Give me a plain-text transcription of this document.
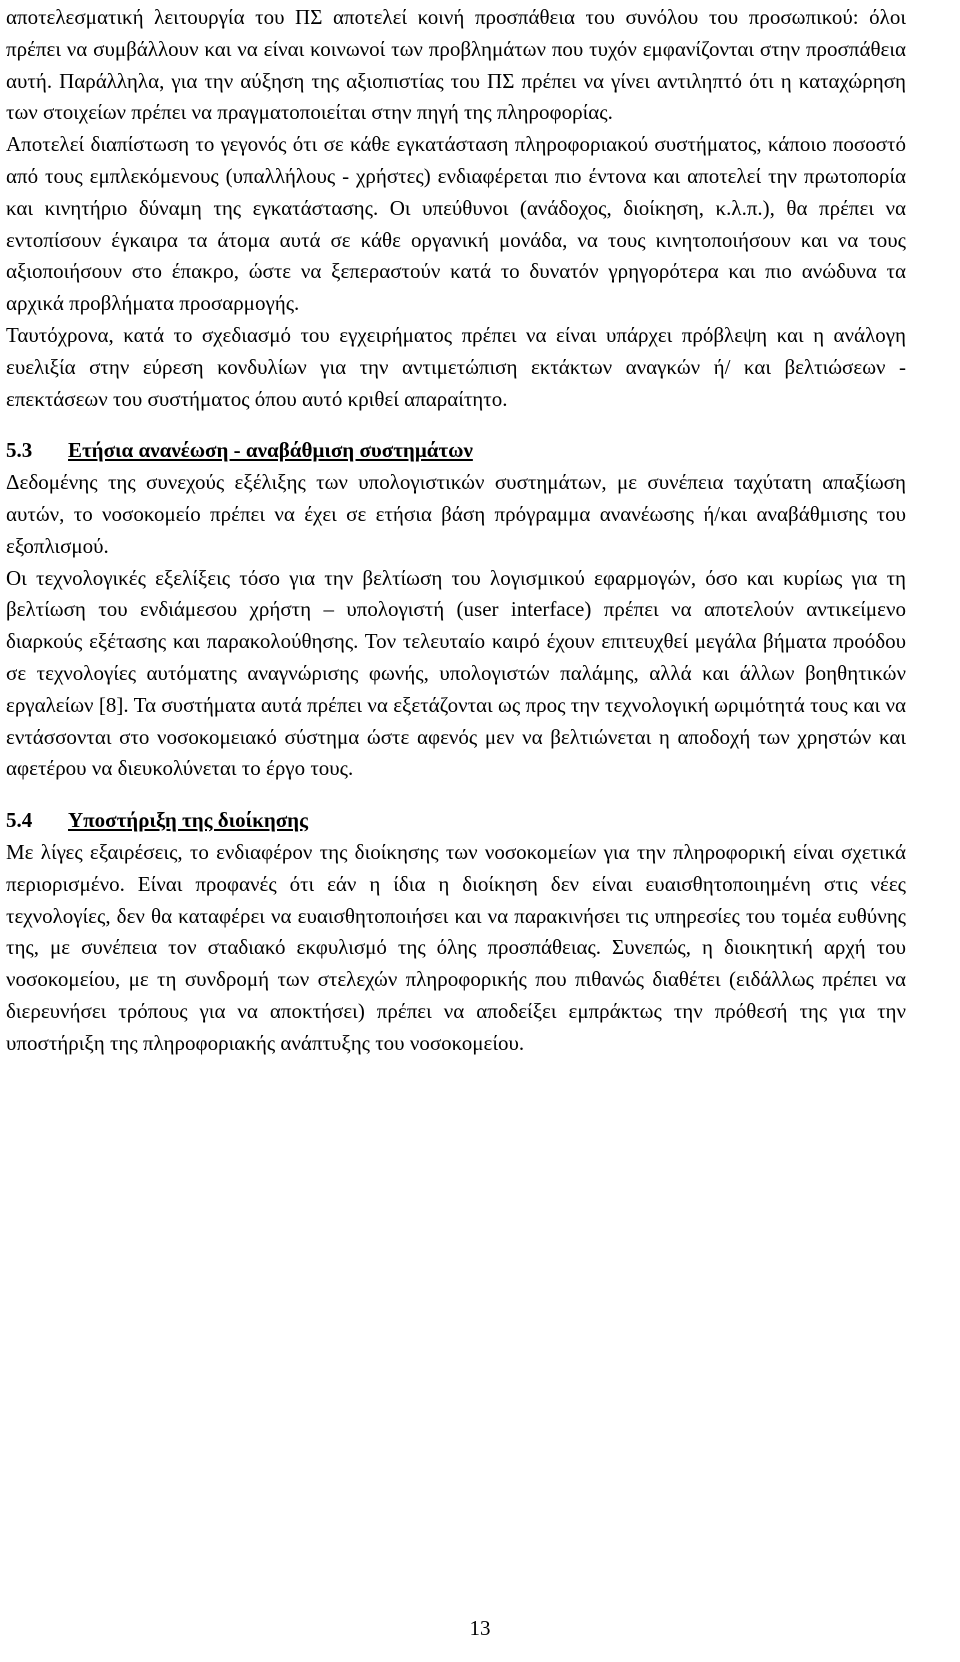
αποτελεσματική λειτουργία του ΠΣ αποτελεί κοινή προσπάθεια του συνόλου του προσωπικού: όλοι πρέπει να συμβάλλουν και να είναι κοινωνοί των προβλημάτων που τυχόν εμφανίζονται στην προσπάθεια αυτή. Παράλληλα, για την αύξηση της αξιοπιστίας του ΠΣ πρέπει να γίνει αντιληπτό ότι η καταχώρηση των στοιχείων πρέπει να πραγματοποιείται στην πηγή της πληροφορίας.

Αποτελεί διαπίστωση το γεγονός ότι σε κάθε εγκατάσταση πληροφοριακού συστήματος, κάποιο ποσοστό από τους εμπλεκόμενους (υπαλλήλους - χρήστες) ενδιαφέρεται πιο έντονα και αποτελεί την πρωτοπορία και κινητήριο δύναμη της εγκατάστασης. Οι υπεύθυνοι (ανάδοχος, διοίκηση, κ.λ.π.), θα πρέπει να εντοπίσουν έγκαιρα τα άτομα αυτά σε κάθε οργανική μονάδα, να τους κινητοποιήσουν και να τους αξιοποιήσουν στο έπακρο, ώστε να ξεπεραστούν κατά το δυνατόν γρηγορότερα και πιο ανώδυνα τα αρχικά προβλήματα προσαρμογής.

Ταυτόχρονα, κατά το σχεδιασμό του εγχειρήματος πρέπει να είναι υπάρχει πρόβλεψη και η ανάλογη ευελιξία στην εύρεση κονδυλίων για την αντιμετώπιση εκτάκτων αναγκών ή/ και βελτιώσεων - επεκτάσεων του συστήματος όπου αυτό κριθεί απαραίτητο.

5.3	Ετήσια ανανέωση - αναβάθμιση συστημάτων

Δεδομένης της συνεχούς εξέλιξης των υπολογιστικών συστημάτων, με συνέπεια ταχύτατη απαξίωση αυτών, το νοσοκομείο πρέπει να έχει σε ετήσια βάση πρόγραμμα ανανέωσης ή/και αναβάθμισης του εξοπλισμού.

Οι τεχνολογικές εξελίξεις τόσο για την βελτίωση του λογισμικού εφαρμογών, όσο και κυρίως για τη βελτίωση του ενδιάμεσου χρήστη – υπολογιστή (user interface) πρέπει να αποτελούν αντικείμενο διαρκούς εξέτασης και παρακολούθησης. Τον τελευταίο καιρό έχουν επιτευχθεί μεγάλα βήματα προόδου σε τεχνολογίες αυτόματης αναγνώρισης φωνής, υπολογιστών παλάμης, αλλά και άλλων βοηθητικών εργαλείων [8]. Τα συστήματα αυτά πρέπει να εξετάζονται ως προς την τεχνολογική ωριμότητά τους και να εντάσσονται στο νοσοκομειακό σύστημα ώστε αφενός μεν να βελτιώνεται η αποδοχή των χρηστών και αφετέρου να διευκολύνεται το έργο τους.

5.4	Υποστήριξη της διοίκησης

Με λίγες εξαιρέσεις, το ενδιαφέρον της διοίκησης των νοσοκομείων για την πληροφορική είναι σχετικά περιορισμένο. Είναι προφανές ότι εάν η ίδια η διοίκηση δεν είναι ευαισθητοποιημένη στις νέες τεχνολογίες, δεν θα καταφέρει να ευαισθητοποιήσει και να παρακινήσει τις υπηρεσίες του τομέα ευθύνης της, με συνέπεια τον σταδιακό εκφυλισμό της όλης προσπάθειας. Συνεπώς, η διοικητική αρχή του νοσοκομείου, με τη συνδρομή των στελεχών πληροφορικής που πιθανώς διαθέτει (ειδάλλως πρέπει να διερευνήσει τρόπους για να αποκτήσει) πρέπει να αποδείξει εμπράκτως την πρόθεσή της για την υποστήριξη της πληροφοριακής ανάπτυξης του νοσοκομείου.

13
